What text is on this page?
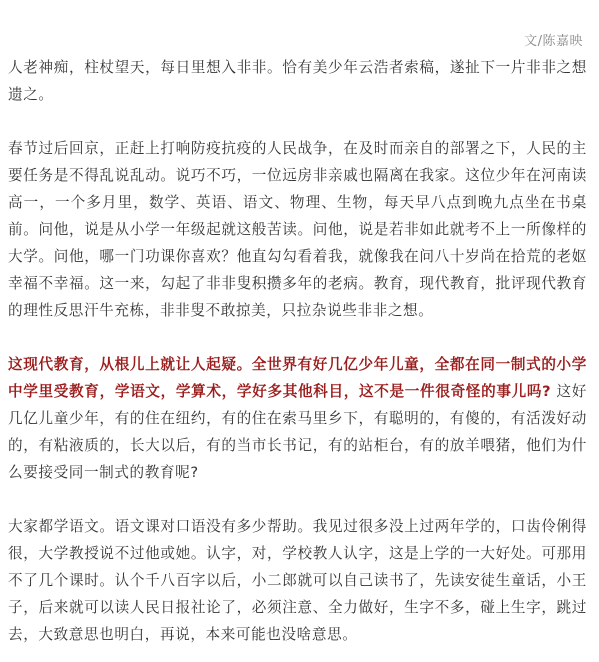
文/陈嘉映

人老神痴，柱杖望天，每日里想入非非。恰有美少年云浩者索稿，遂扯下一片非非之想遗之。

春节过后回京，正赶上打响防疫抗疫的人民战争，在及时而亲自的部署之下，人民的主要任务是不得乱说乱动。说巧不巧，一位远房非亲戚也隔离在我家。这位少年在河南读高一，一个多月里，数学、英语、语文、物理、生物，每天早八点到晚九点坐在书桌前。问他，说是从小学一年级起就这般苦读。问他，说是若非如此就考不上一所像样的大学。问他，哪一门功课你喜欢？他直勾勾看着我，就像我在问八十岁尚在拾荒的老妪幸福不幸福。这一来，勾起了非非叟积攒多年的老病。教育，现代教育，批评现代教育的理性反思汗牛充栋，非非叟不敢掠美，只拉杂说些非非之想。

这现代教育，从根儿上就让人起疑。全世界有好几亿少年儿童，全都在同一制式的小学中学里受教育，学语文，学算术，学好多其他科目，这不是一件很奇怪的事儿吗? 这好几亿儿童少年，有的住在纽约，有的住在索马里乡下，有聪明的，有傻的，有活泼好动的，有粘液质的，长大以后，有的当市长书记，有的站柜台，有的放羊喂猪，他们为什么要接受同一制式的教育呢?

大家都学语文。语文课对口语没有多少帮助。我见过很多没上过两年学的，口齿伶俐得很，大学教授说不过他或她。认字，对，学校教人认字，这是上学的一大好处。可那用不了几个课时。认个千八百字以后，小二郎就可以自己读书了，先读安徒生童话，小王子，后来就可以读人民日报社论了，必须注意、全力做好，生字不多，碰上生字，跳过去，大致意思也明白，再说，本来可能也没啥意思。
